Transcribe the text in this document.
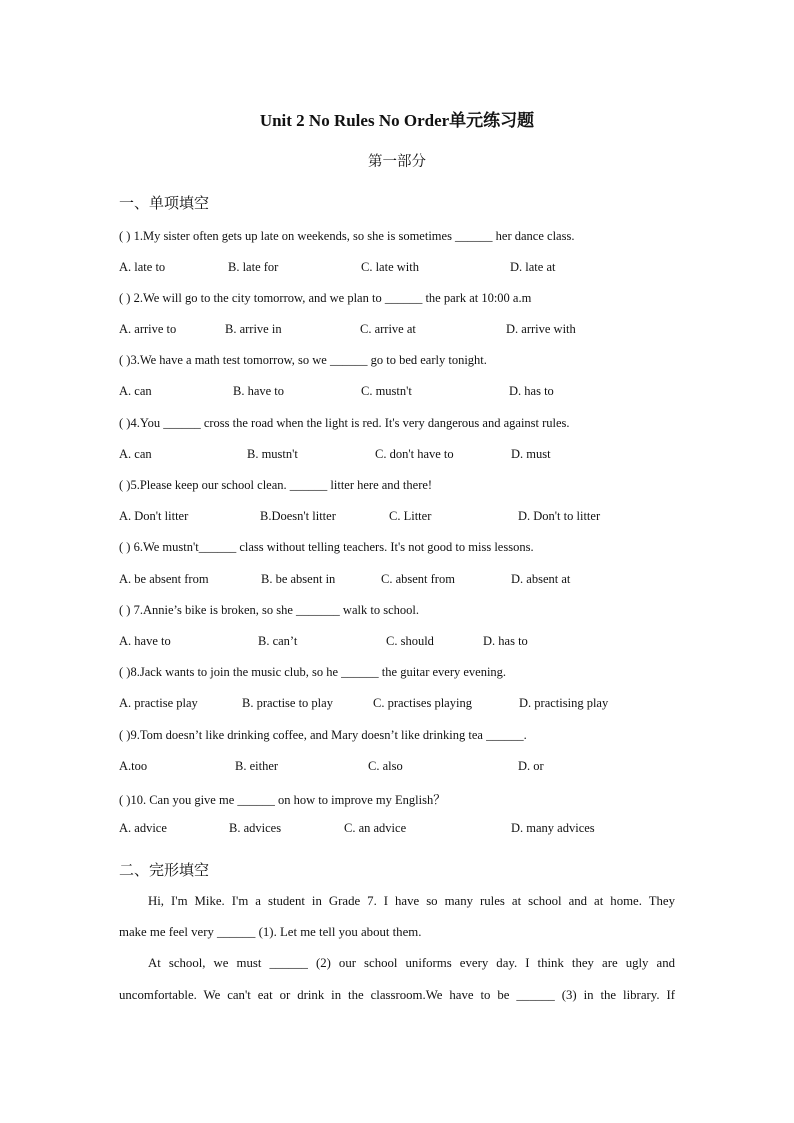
Unit 2 No Rules No Order单元练习题
第一部分
一、单项填空
( ) 1.My sister often gets up late on weekends, so she is sometimes ______ her dance class.
A. late to	B. late for	C. late with	D. late at
( ) 2.We will go to the city tomorrow, and we plan to ______ the park at 10:00 a.m
A. arrive to	B. arrive in	C. arrive at	D. arrive with
( )3.We have a math test tomorrow, so we ______ go to bed early tonight.
A. can	B. have to	C. mustn't	D. has to
( )4.You ______ cross the road when the light is red. It's very dangerous and against rules.
A. can	B. mustn't	C. don't have to	D. must
( )5.Please keep our school clean. ______ litter here and there!
A. Don't litter	B.Doesn't litter	C. Litter	D. Don't to litter
( ) 6.We mustn't______ class without telling teachers. It's not good to miss lessons.
A. be absent from	B. be absent in	C. absent from	D. absent at
( ) 7.Annie’s bike is broken, so she _______ walk to school.
A. have to	B. can’t	C. should	D. has to
( )8.Jack wants to join the music club, so he ______ the guitar every evening.
A. practise play	B. practise to play	C. practises playing	D. practising play
( )9.Tom doesn’t like drinking coffee, and Mary doesn’t like drinking tea ______.
A.too	B. either	C. also	D. or
( )10. Can you give me ______ on how to improve my English？
A. advice	B. advices	C. an advice	D. many advices
二、完形填空
Hi, I'm Mike. I'm a student in Grade 7. I have so many rules at school and at home. They
make me feel very ______ (1). Let me tell you about them.
At school, we must ______ (2) our school uniforms every day. I think they are ugly and
uncomfortable. We can't eat or drink in the classroom.We have to be ______ (3) in the library. If
